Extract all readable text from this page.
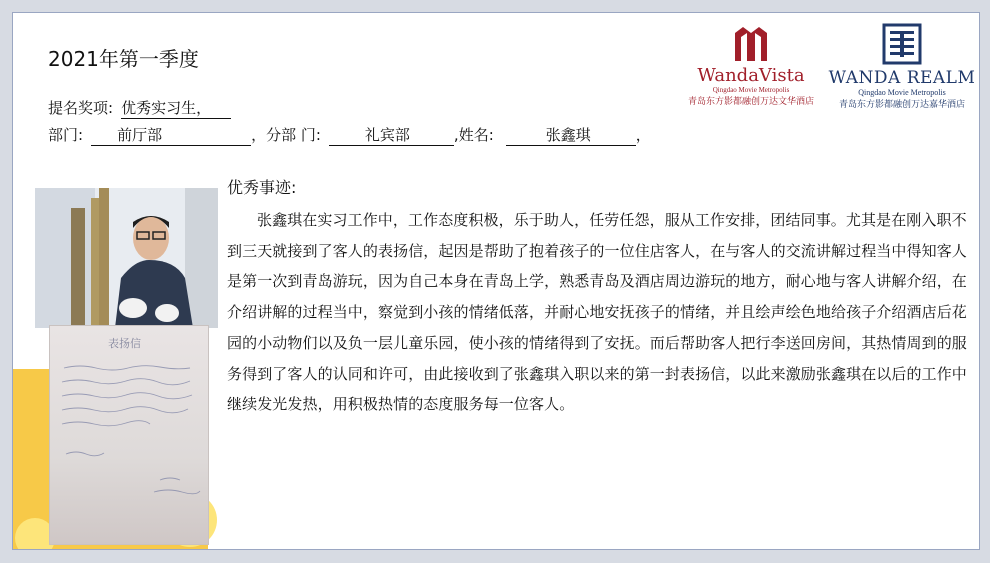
2021年第一季度
提名奖项: 优秀实习生，
部门: 前厅部	，分部 门:	礼宾部	,姓名:	张鑫琪	，
WandaVista
Qingdao Movie Metropolis
青岛东方影都融创万达文华酒店
WANDA REALM
Qingdao Movie Metropolis
青岛东方影都融创万达嘉华酒店
表扬信
优秀事迹:
张鑫琪在实习工作中，工作态度积极，乐于助人，任劳任怨，服从工作安排，团结同事。尤其是在刚入职不到三天就接到了客人的表扬信，起因是帮助了抱着孩子的一位住店客人，在与客人的交流讲解过程当中得知客人是第一次到青岛游玩，因为自己本身在青岛上学，熟悉青岛及酒店周边游玩的地方，耐心地与客人讲解介绍，在介绍讲解的过程当中，察觉到小孩的情绪低落，并耐心地安抚孩子的情绪，并且绘声绘色地给孩子介绍酒店后花园的小动物们以及负一层儿童乐园，使小孩的情绪得到了安抚。而后帮助客人把行李送回房间，其热情周到的服务得到了客人的认同和许可，由此接收到了张鑫琪入职以来的第一封表扬信，以此来激励张鑫琪在以后的工作中继续发光发热，用积极热情的态度服务每一位客人。
